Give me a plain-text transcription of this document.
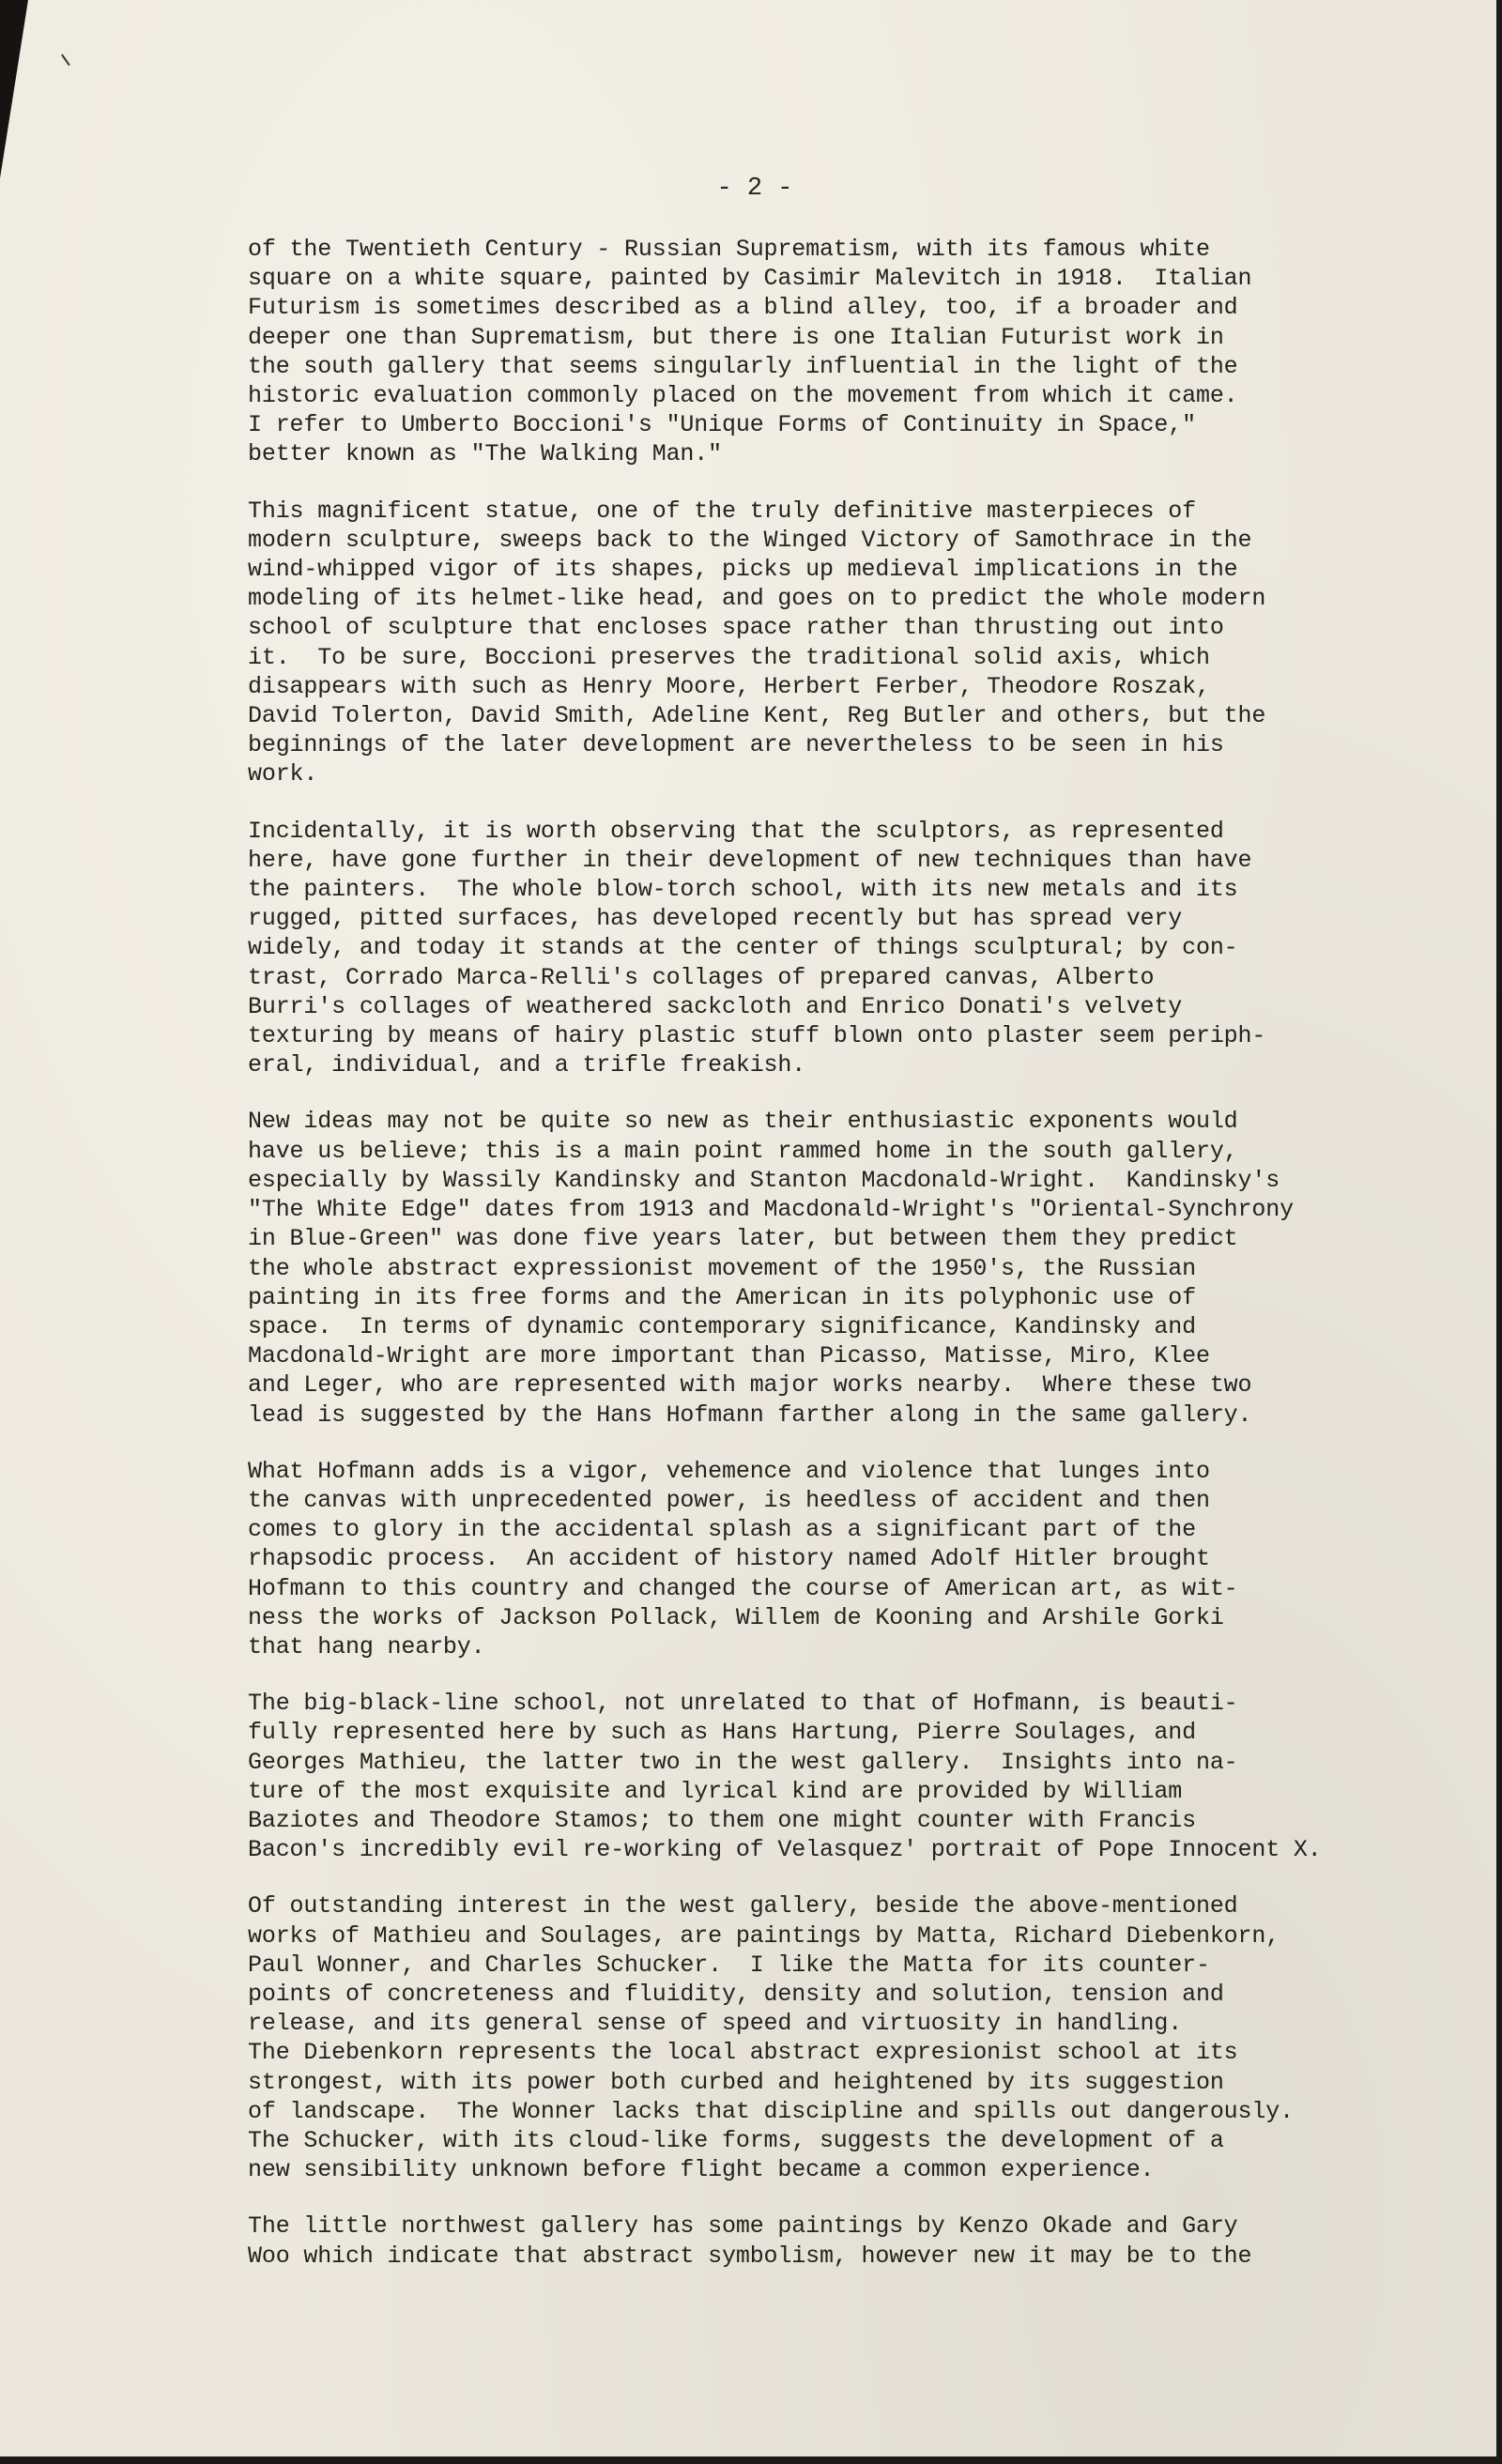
- 2 -

of the Twentieth Century - Russian Suprematism, with its famous white
square on a white square, painted by Casimir Malevitch in 1918.  Italian
Futurism is sometimes described as a blind alley, too, if a broader and
deeper one than Suprematism, but there is one Italian Futurist work in
the south gallery that seems singularly influential in the light of the
historic evaluation commonly placed on the movement from which it came.
I refer to Umberto Boccioni's "Unique Forms of Continuity in Space,"
better known as "The Walking Man."

This magnificent statue, one of the truly definitive masterpieces of
modern sculpture, sweeps back to the Winged Victory of Samothrace in the
wind-whipped vigor of its shapes, picks up medieval implications in the
modeling of its helmet-like head, and goes on to predict the whole modern
school of sculpture that encloses space rather than thrusting out into
it.  To be sure, Boccioni preserves the traditional solid axis, which
disappears with such as Henry Moore, Herbert Ferber, Theodore Roszak,
David Tolerton, David Smith, Adeline Kent, Reg Butler and others, but the
beginnings of the later development are nevertheless to be seen in his
work.

Incidentally, it is worth observing that the sculptors, as represented
here, have gone further in their development of new techniques than have
the painters.  The whole blow-torch school, with its new metals and its
rugged, pitted surfaces, has developed recently but has spread very
widely, and today it stands at the center of things sculptural; by con-
trast, Corrado Marca-Relli's collages of prepared canvas, Alberto
Burri's collages of weathered sackcloth and Enrico Donati's velvety
texturing by means of hairy plastic stuff blown onto plaster seem periph-
eral, individual, and a trifle freakish.

New ideas may not be quite so new as their enthusiastic exponents would
have us believe; this is a main point rammed home in the south gallery,
especially by Wassily Kandinsky and Stanton Macdonald-Wright.  Kandinsky's
"The White Edge" dates from 1913 and Macdonald-Wright's "Oriental-Synchrony
in Blue-Green" was done five years later, but between them they predict
the whole abstract expressionist movement of the 1950's, the Russian
painting in its free forms and the American in its polyphonic use of
space.  In terms of dynamic contemporary significance, Kandinsky and
Macdonald-Wright are more important than Picasso, Matisse, Miro, Klee
and Leger, who are represented with major works nearby.  Where these two
lead is suggested by the Hans Hofmann farther along in the same gallery.

What Hofmann adds is a vigor, vehemence and violence that lunges into
the canvas with unprecedented power, is heedless of accident and then
comes to glory in the accidental splash as a significant part of the
rhapsodic process.  An accident of history named Adolf Hitler brought
Hofmann to this country and changed the course of American art, as wit-
ness the works of Jackson Pollack, Willem de Kooning and Arshile Gorki
that hang nearby.

The big-black-line school, not unrelated to that of Hofmann, is beauti-
fully represented here by such as Hans Hartung, Pierre Soulages, and
Georges Mathieu, the latter two in the west gallery.  Insights into na-
ture of the most exquisite and lyrical kind are provided by William
Baziotes and Theodore Stamos; to them one might counter with Francis
Bacon's incredibly evil re-working of Velasquez' portrait of Pope Innocent X.

Of outstanding interest in the west gallery, beside the above-mentioned
works of Mathieu and Soulages, are paintings by Matta, Richard Diebenkorn,
Paul Wonner, and Charles Schucker.  I like the Matta for its counter-
points of concreteness and fluidity, density and solution, tension and
release, and its general sense of speed and virtuosity in handling.
The Diebenkorn represents the local abstract expresionist school at its
strongest, with its power both curbed and heightened by its suggestion
of landscape.  The Wonner lacks that discipline and spills out dangerously.
The Schucker, with its cloud-like forms, suggests the development of a
new sensibility unknown before flight became a common experience.

The little northwest gallery has some paintings by Kenzo Okade and Gary
Woo which indicate that abstract symbolism, however new it may be to the
